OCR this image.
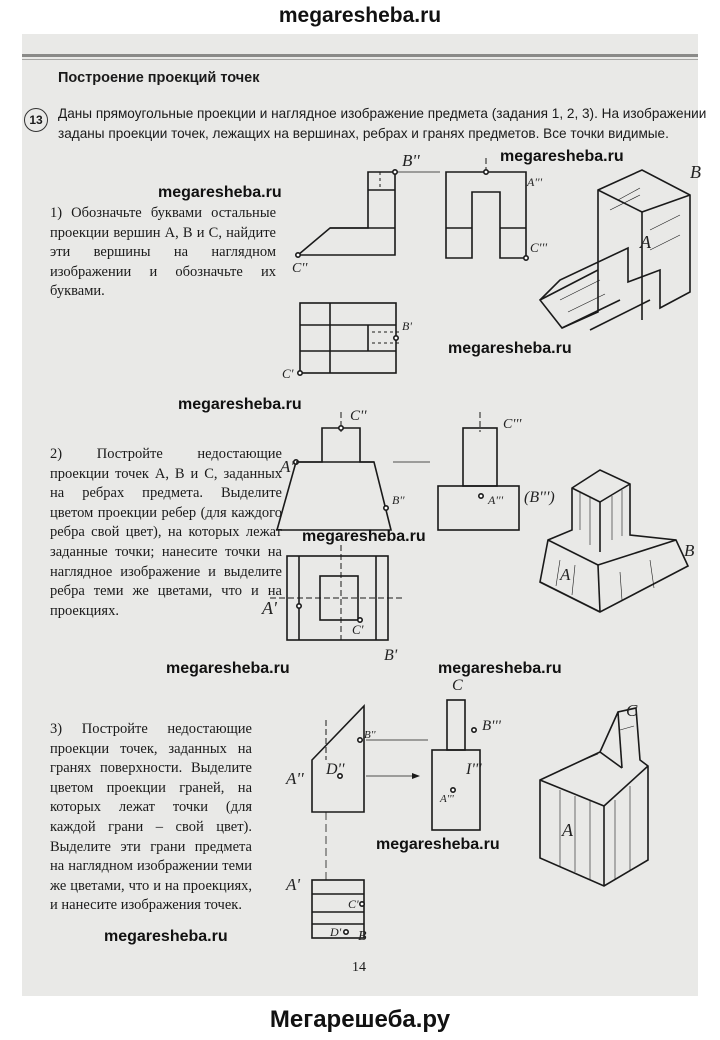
megaresheba.ru
Построение проекций точек
13	Даны прямоугольные проекции и наглядное изображение предмета (задания 1, 2, 3). На изображении заданы проекции точек, лежащих на вершинах, ребрах и гранях предметов. Все точки видимые.
1) Обозначьте буквами остальные проекции вершин A, B и C, найдите эти вершины на наглядном изображении и обозначьте их буквами.
2) Постройте недостающие проекции точек A, B и C, заданных на ребрах предмета. Выделите цветом проекции ребер (для каждого ребра свой цвет), на которых лежат заданные точки; нанесите точки на наглядное изображение и выделите ребра теми же цветами, что и на проекциях.
3) Постройте недостающие проекции точек, заданных на гранях поверхности. Выделите цветом проекции граней, на которых лежат точки (для каждой грани – свой цвет). Выделите эти грани предмета на наглядном изображении теми же цветами, что и на проекциях, и нанесите изображения точек.
B''
C''
A'''
C'''
B'
C'
B
A
C''
A''
B''
C'''
A''' (B''')
A'
C'
B'
A
B
C
B''
D''
A''
B'''
I'''
A'''
A'
C'
D' B
C
A
megaresheba.ru
megaresheba.ru
megaresheba.ru
megaresheba.ru
megaresheba.ru
megaresheba.ru	megaresheba.ru
megaresheba.ru
megaresheba.ru
14
Мегарешеба.ру
